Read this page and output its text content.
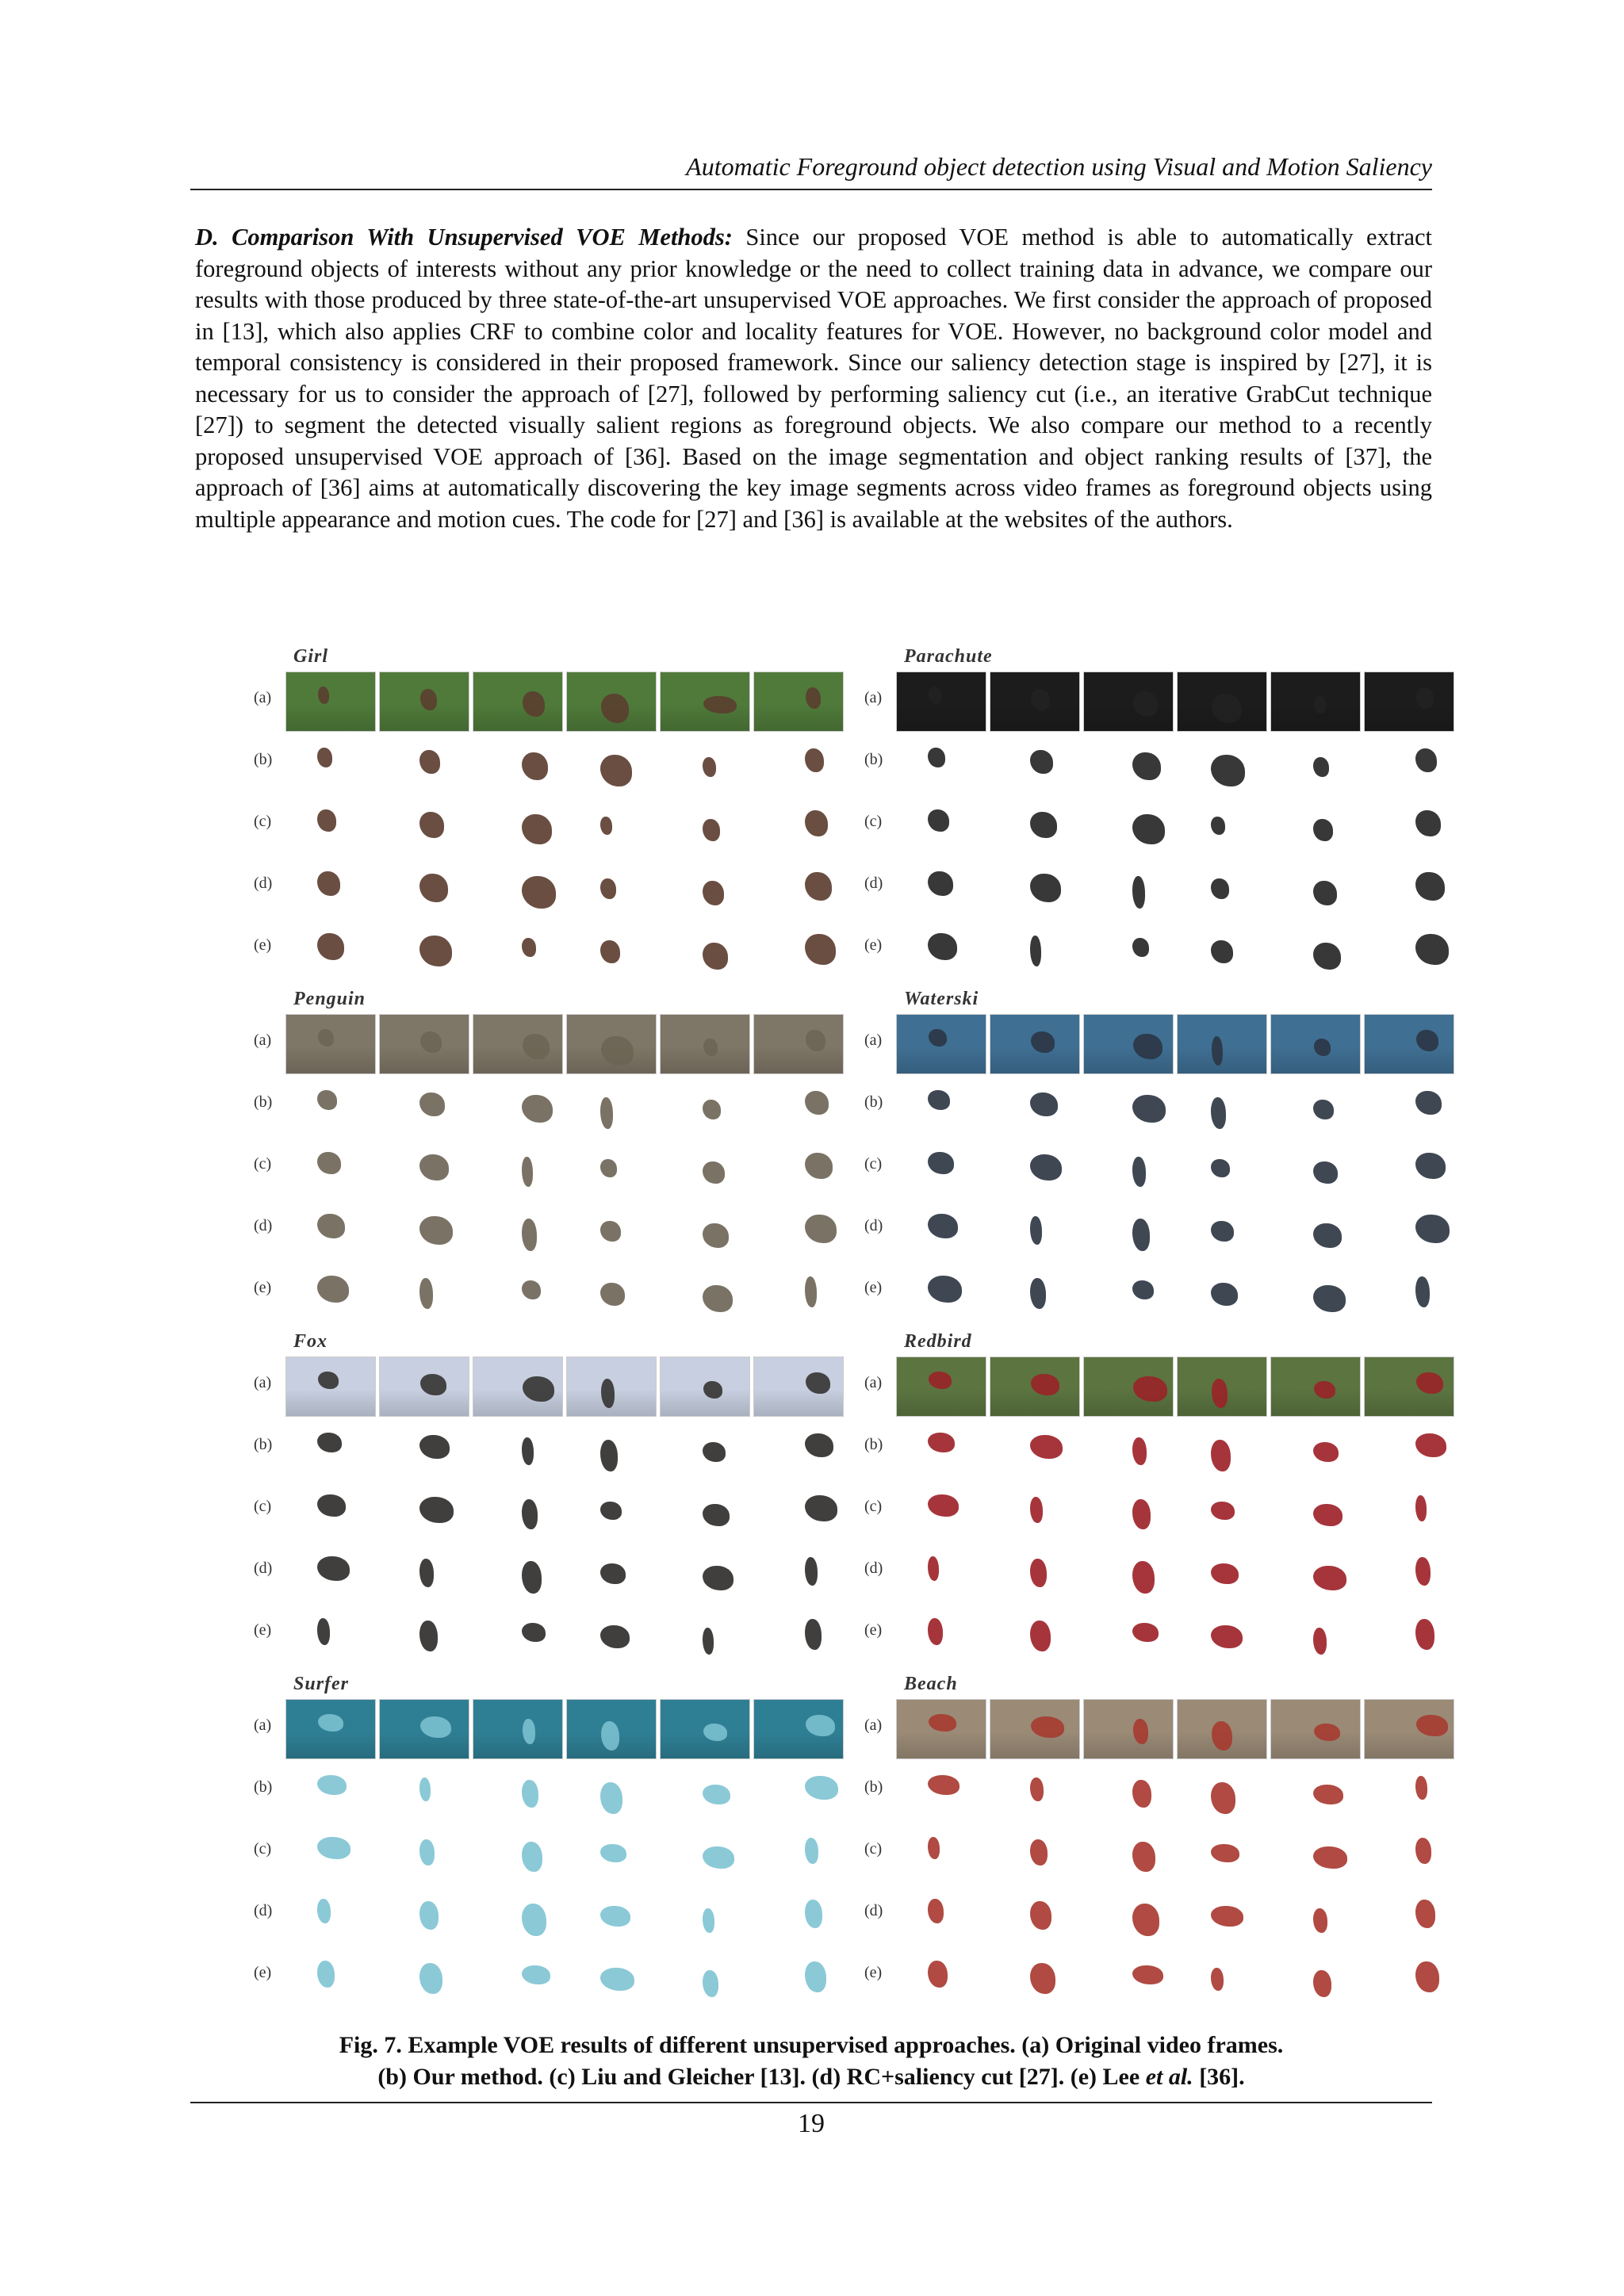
Automatic Foreground object detection using Visual and Motion Saliency
D. Comparison With Unsupervised VOE Methods: Since our proposed VOE method is able to automatically extract foreground objects of interests without any prior knowledge or the need to collect training data in advance, we compare our results with those produced by three state-of-the-art unsupervised VOE approaches. We first consider the approach of proposed in [13], which also applies CRF to combine color and locality features for VOE. However, no background color model and temporal consistency is considered in their proposed framework. Since our saliency detection stage is inspired by [27], it is necessary for us to consider the approach of [27], followed by performing saliency cut (i.e., an iterative GrabCut technique [27]) to segment the detected visually salient regions as foreground objects. We also compare our method to a recently proposed unsupervised VOE approach of [36]. Based on the image segmentation and object ranking results of [37], the approach of [36] aims at automatically discovering the key image segments across video frames as foreground objects using multiple appearance and motion cues. The code for [27] and [36] is available at the websites of the authors.
Girl
(a)
(b)
(c)
(d)
(e)
Parachute
(a)
(b)
(c)
(d)
(e)
Penguin
(a)
(b)
(c)
(d)
(e)
Waterski
(a)
(b)
(c)
(d)
(e)
Fox
(a)
(b)
(c)
(d)
(e)
Redbird
(a)
(b)
(c)
(d)
(e)
Surfer
(a)
(b)
(c)
(d)
(e)
Beach
(a)
(b)
(c)
(d)
(e)
Fig. 7. Example VOE results of different unsupervised approaches. (a) Original video frames.
(b) Our method. (c) Liu and Gleicher [13]. (d) RC+saliency cut [27]. (e) Lee et al. [36].
19
